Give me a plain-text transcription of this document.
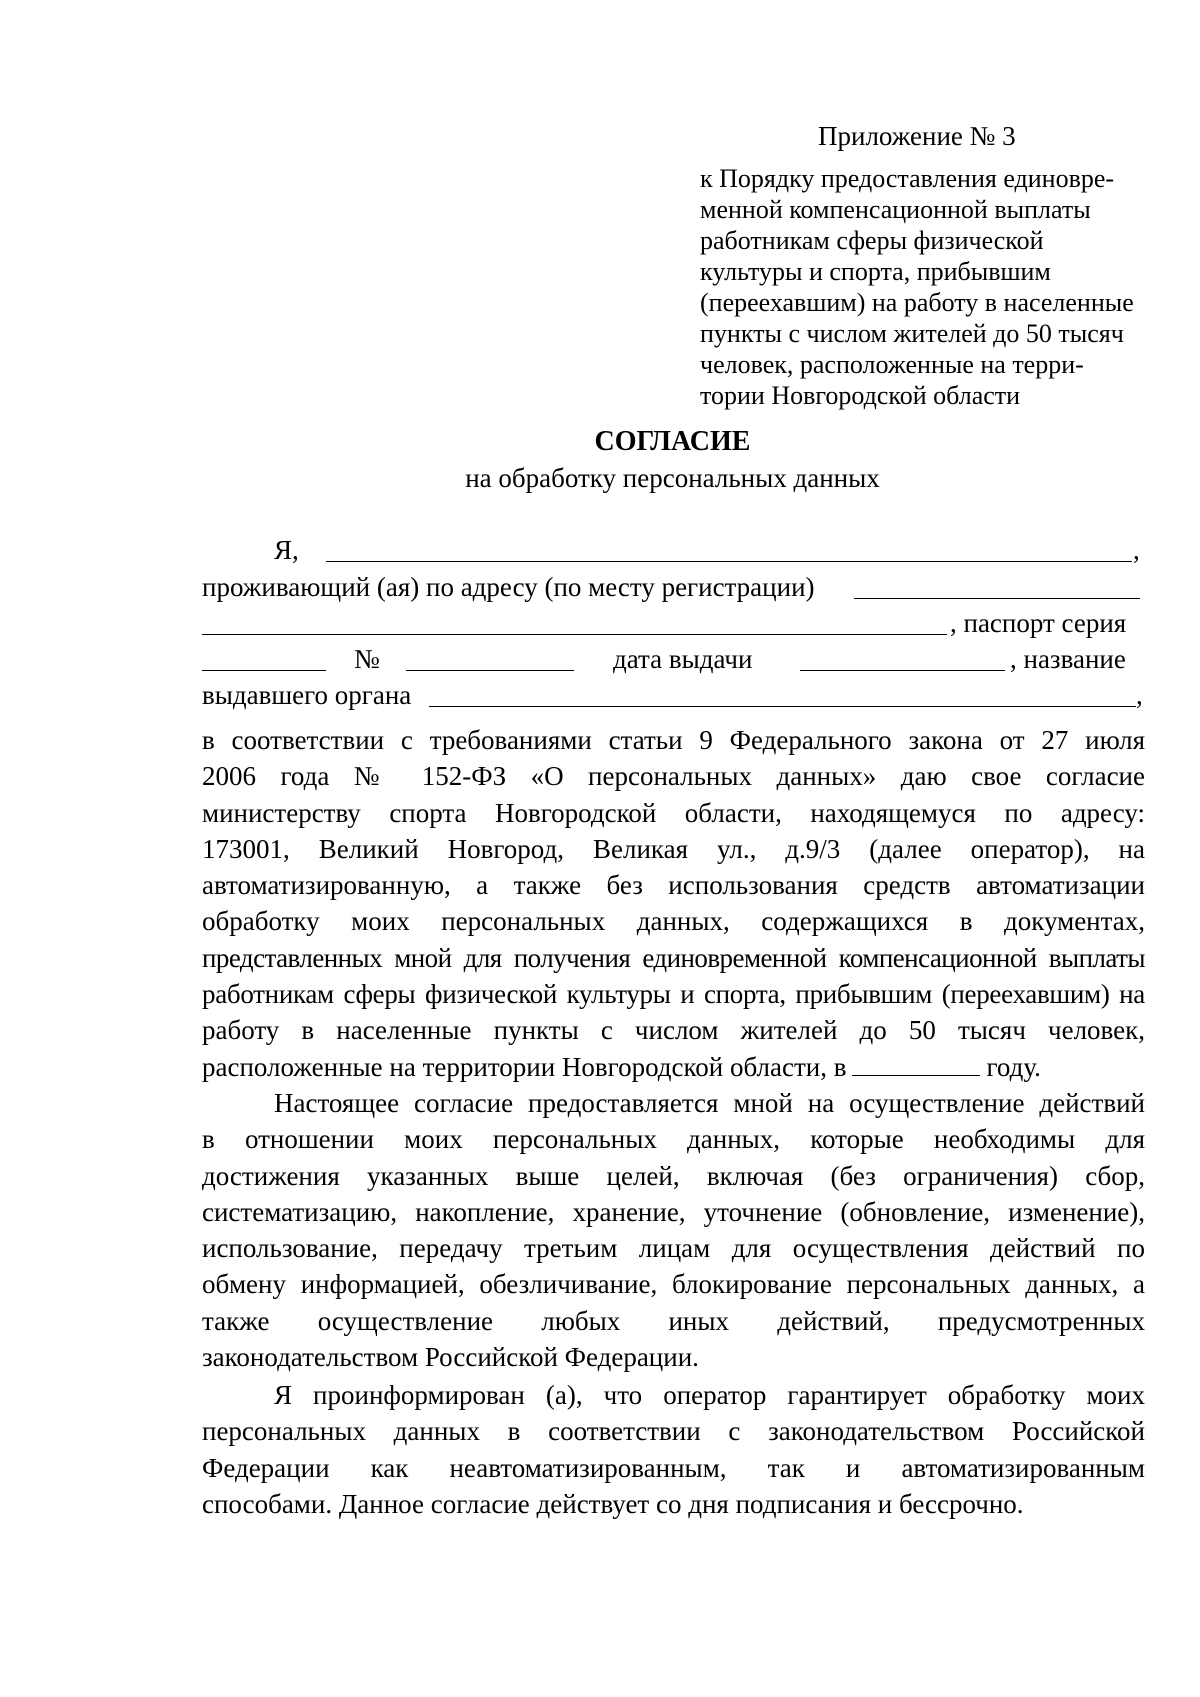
Приложение № 3
к Порядку предоставления единовре-
менной компенсационной выплаты
работникам сферы физической
культуры и спорта, прибывшим
(переехавшим) на работу в населенные
пункты с числом жителей до 50 тысяч
человек, расположенные на терри-
тории Новгородской области
СОГЛАСИЕ
на обработку персональных данных
Я,	,
проживающий (ая) по адресу (по месту регистрации)
, паспорт серия
№	дата выдачи	, название
выдавшего органа	,
в соответствии с требованиями статьи 9 Федерального закона от 27 июля
2006 года № 152-ФЗ «О персональных данных» даю свое согласие
министерству спорта Новгородской области, находящемуся по адресу:
173001, Великий Новгород, Великая ул., д.9/3 (далее оператор), на
автоматизированную, а также без использования средств автоматизации
обработку моих персональных данных, содержащихся в документах,
представленных мной для получения единовременной компенсационной выплаты
работникам сферы физической культуры и спорта, прибывшим (переехавшим) на
работу в населенные пункты с числом жителей до 50 тысяч человек,
расположенные на территории Новгородской области, в	году.
Настоящее согласие предоставляется мной на осуществление действий
в отношении моих персональных данных, которые необходимы для
достижения указанных выше целей, включая (без ограничения) сбор,
систематизацию, накопление, хранение, уточнение (обновление, изменение),
использование, передачу третьим лицам для осуществления действий по
обмену информацией, обезличивание, блокирование персональных данных, а
также осуществление любых иных действий, предусмотренных
законодательством Российской Федерации.
Я проинформирован (а), что оператор гарантирует обработку моих
персональных данных в соответствии с законодательством Российской
Федерации как неавтоматизированным, так и автоматизированным
способами. Данное согласие действует со дня подписания и бессрочно.
